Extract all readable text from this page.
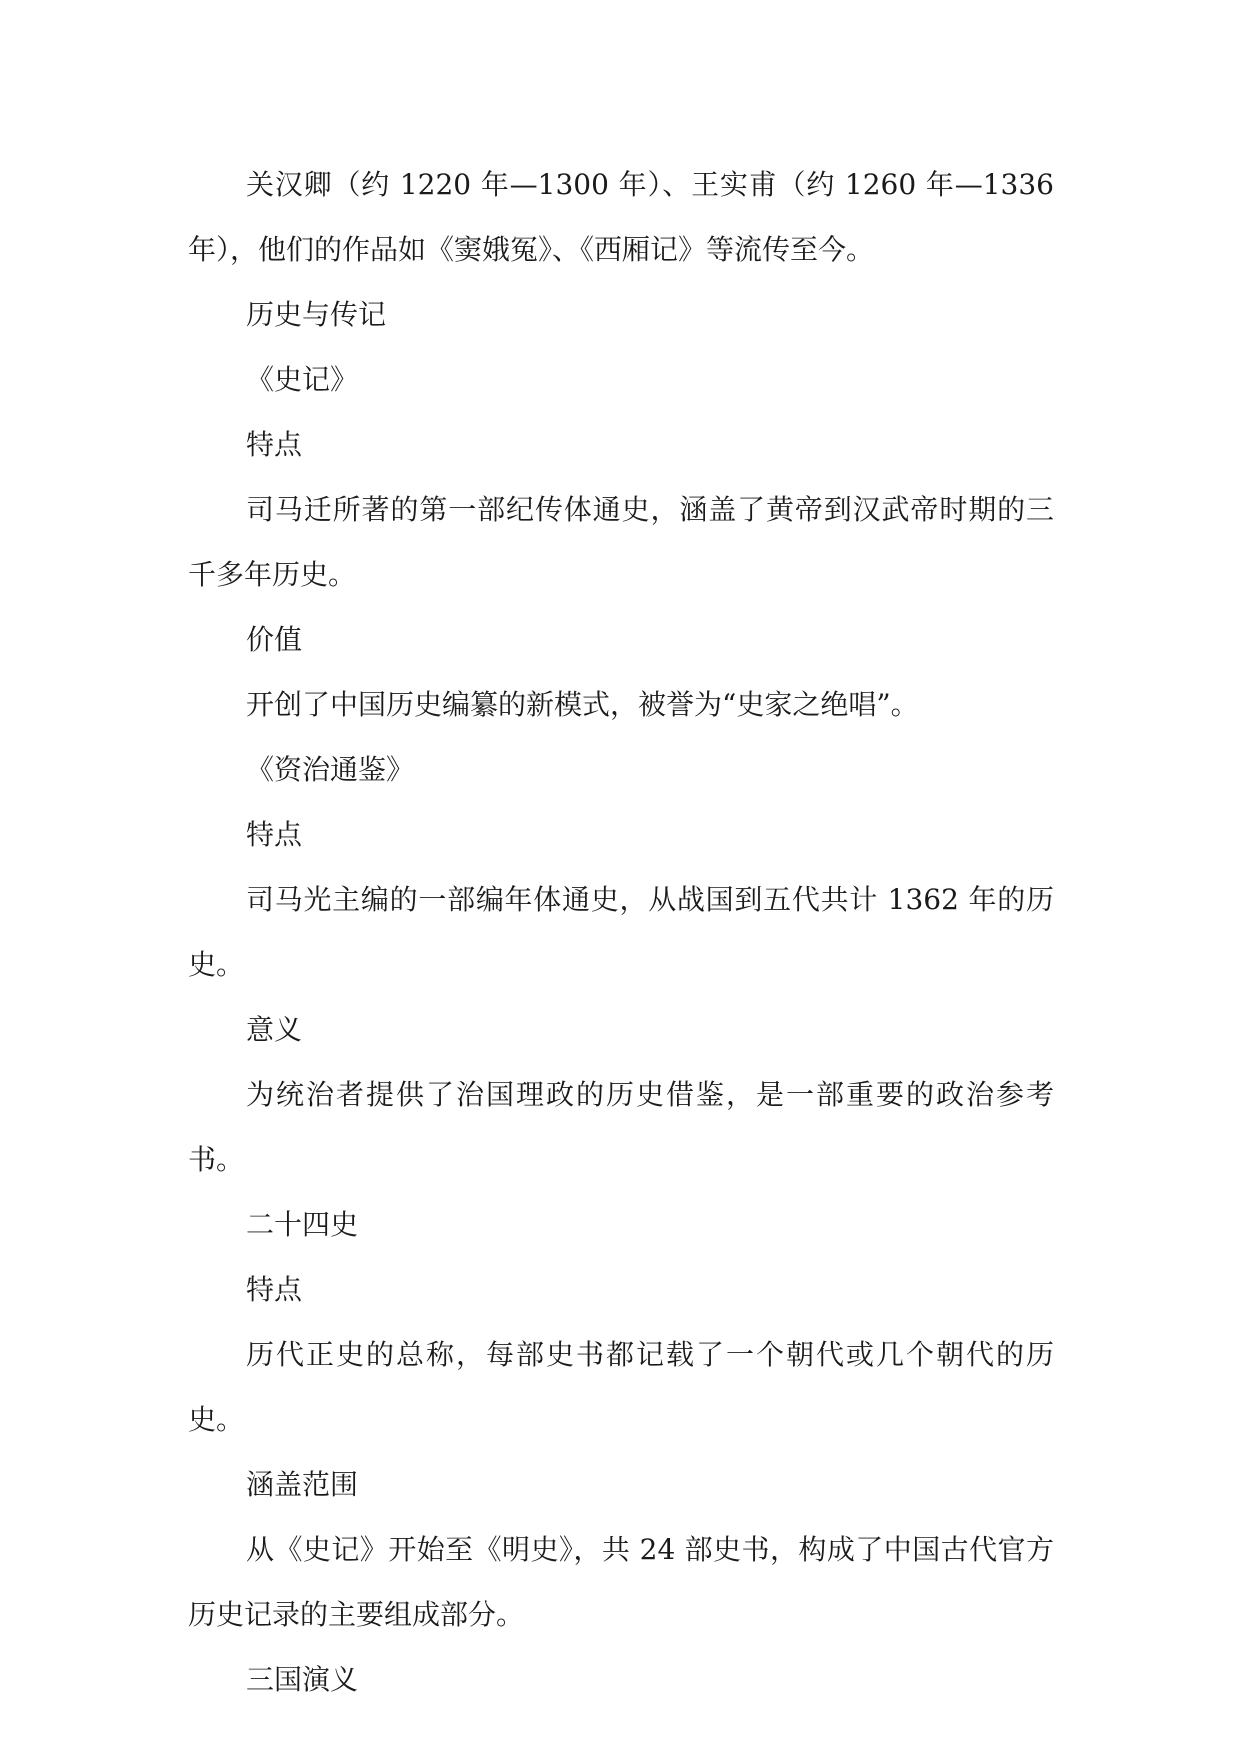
关汉卿（约 1220 年—1300 年）、王实甫（约 1260 年—1336 年），他们的作品如《窦娥冤》、《西厢记》等流传至今。

历史与传记

《史记》

特点

司马迁所著的第一部纪传体通史，涵盖了黄帝到汉武帝时期的三千多年历史。

价值

开创了中国历史编纂的新模式，被誉为“史家之绝唱”。

《资治通鉴》

特点

司马光主编的一部编年体通史，从战国到五代共计 1362 年的历史。

意义

为统治者提供了治国理政的历史借鉴，是一部重要的政治参考书。

二十四史

特点

历代正史的总称，每部史书都记载了一个朝代或几个朝代的历史。

涵盖范围

从《史记》开始至《明史》，共 24 部史书，构成了中国古代官方历史记录的主要组成部分。

三国演义
